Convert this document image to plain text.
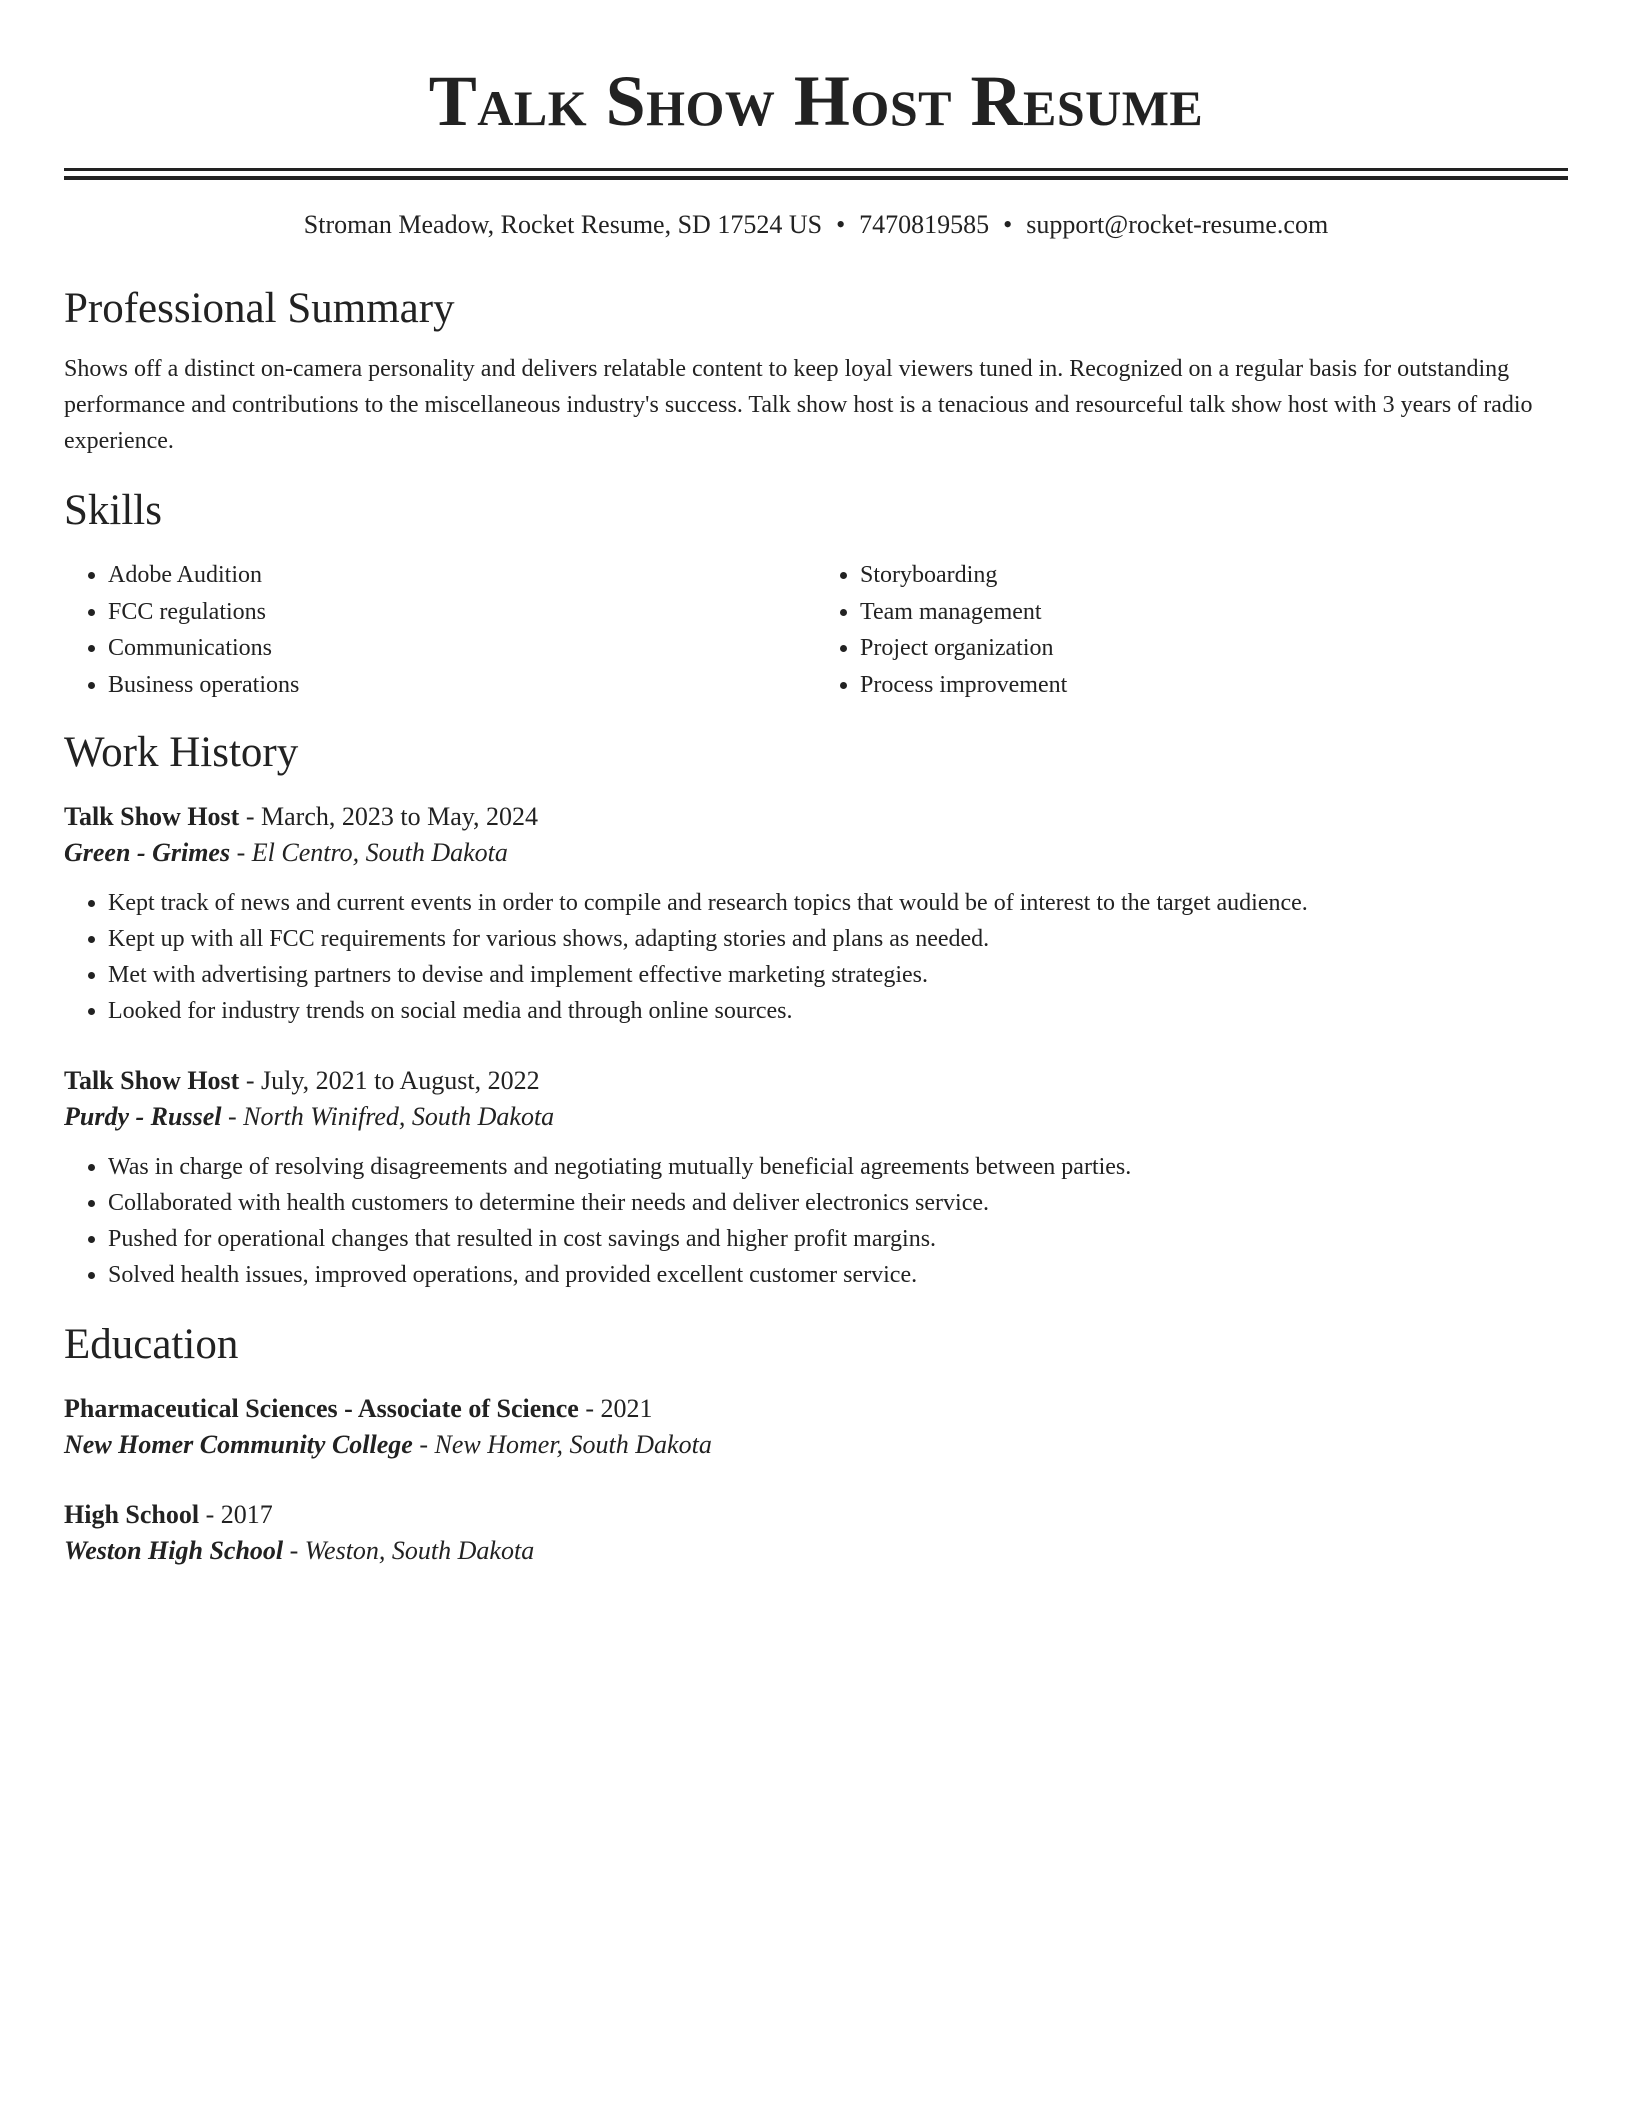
Talk Show Host Resume
Stroman Meadow, Rocket Resume, SD 17524 US • 7470819585 • support@rocket-resume.com
Professional Summary

Shows off a distinct on-camera personality and delivers relatable content to keep loyal viewers tuned in. Recognized on a regular basis for outstanding performance and contributions to the miscellaneous industry's success. Talk show host is a tenacious and resourceful talk show host with 3 years of radio experience.

Skills
• Adobe Audition
• FCC regulations
• Communications
• Business operations
• Storyboarding
• Team management
• Project organization
• Process improvement
Work History
Talk Show Host - March, 2023 to May, 2024
Green - Grimes - El Centro, South Dakota
• Kept track of news and current events in order to compile and research topics that would be of interest to the target audience.
• Kept up with all FCC requirements for various shows, adapting stories and plans as needed.
• Met with advertising partners to devise and implement effective marketing strategies.
• Looked for industry trends on social media and through online sources.
Talk Show Host - July, 2021 to August, 2022
Purdy - Russel - North Winifred, South Dakota
• Was in charge of resolving disagreements and negotiating mutually beneficial agreements between parties.
• Collaborated with health customers to determine their needs and deliver electronics service.
• Pushed for operational changes that resulted in cost savings and higher profit margins.
• Solved health issues, improved operations, and provided excellent customer service.
Education
Pharmaceutical Sciences - Associate of Science - 2021
New Homer Community College - New Homer, South Dakota
High School - 2017
Weston High School - Weston, South Dakota
